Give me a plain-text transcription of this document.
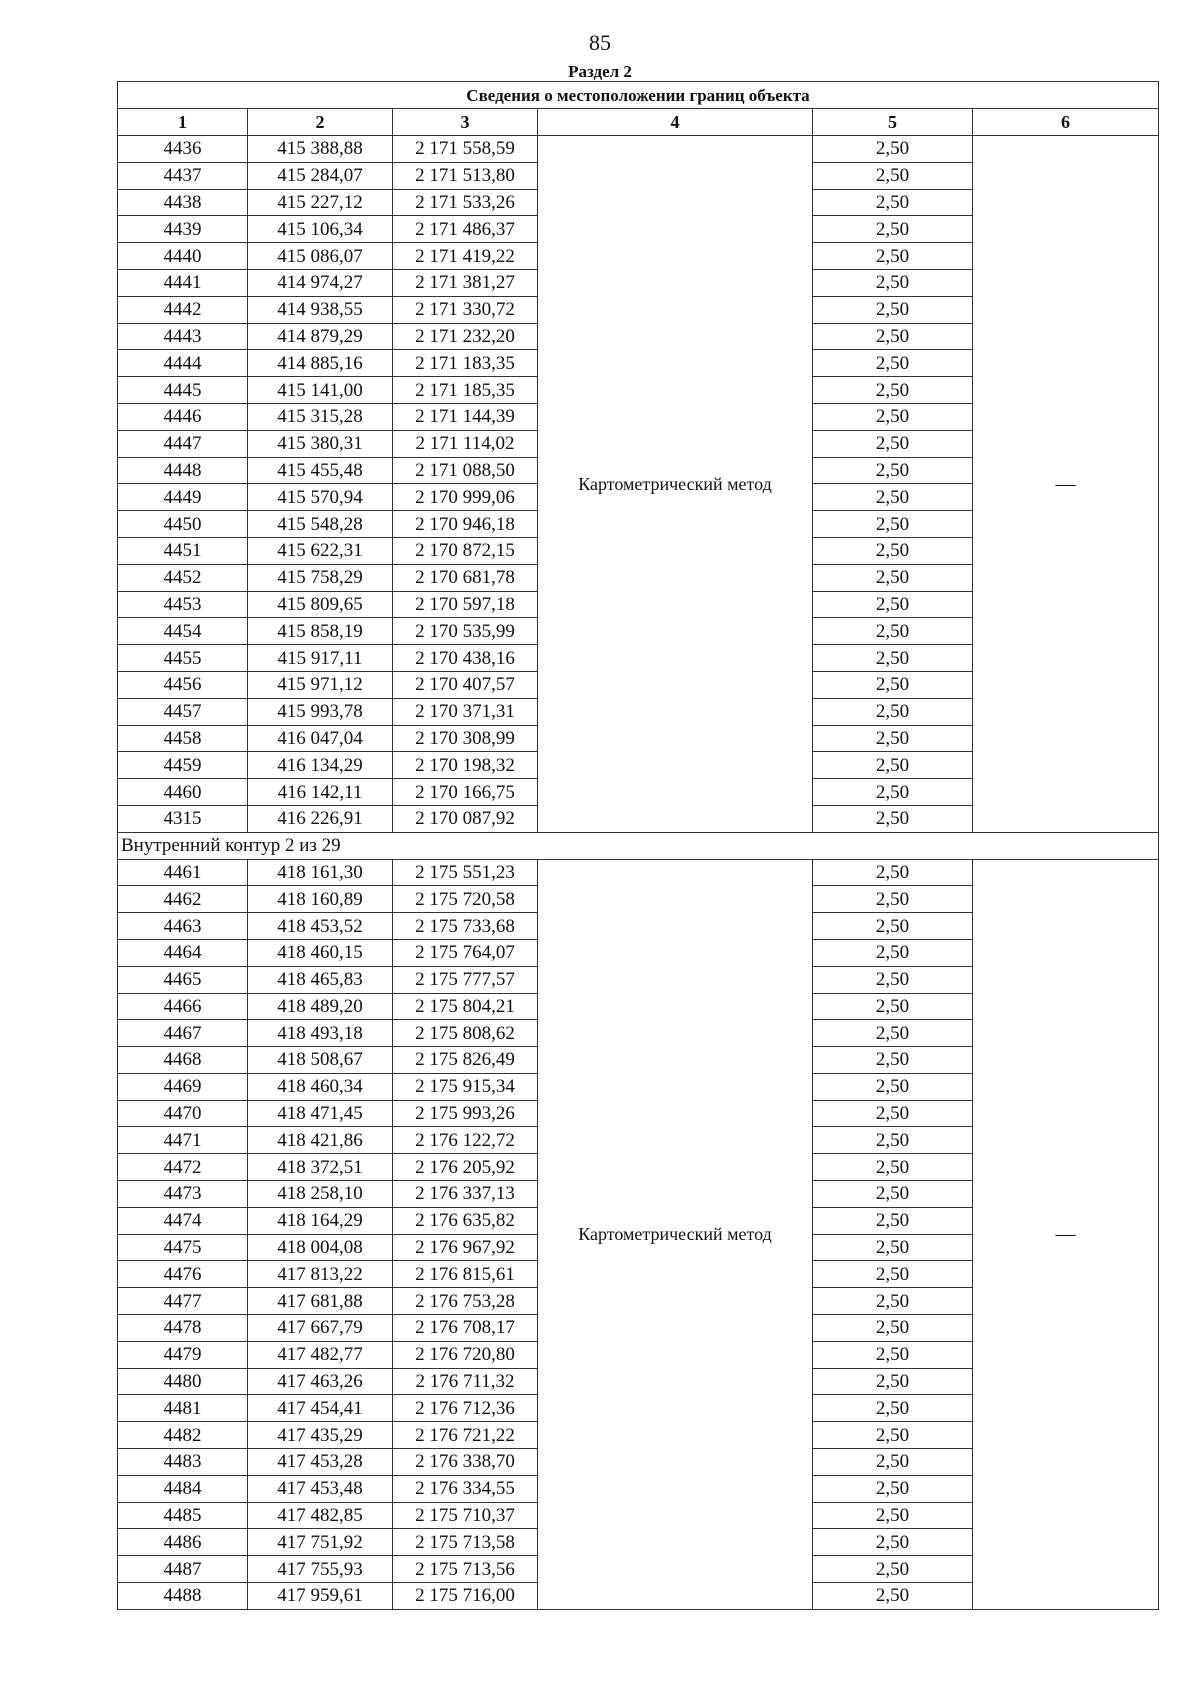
85
Раздел 2
Сведения о местоположении границ объекта					
1	2	3	4	5	6
4436	415 388,88	2 171 558,59	Картометрический метод	2,50	—
4437	415 284,07	2 171 513,80		2,50	
4438	415 227,12	2 171 533,26		2,50	
4439	415 106,34	2 171 486,37		2,50	
4440	415 086,07	2 171 419,22		2,50	
4441	414 974,27	2 171 381,27		2,50	
4442	414 938,55	2 171 330,72		2,50	
4443	414 879,29	2 171 232,20		2,50	
4444	414 885,16	2 171 183,35		2,50	
4445	415 141,00	2 171 185,35		2,50	
4446	415 315,28	2 171 144,39		2,50	
4447	415 380,31	2 171 114,02		2,50	
4448	415 455,48	2 171 088,50		2,50	
4449	415 570,94	2 170 999,06		2,50	
4450	415 548,28	2 170 946,18		2,50	
4451	415 622,31	2 170 872,15		2,50	
4452	415 758,29	2 170 681,78		2,50	
4453	415 809,65	2 170 597,18		2,50	
4454	415 858,19	2 170 535,99		2,50	
4455	415 917,11	2 170 438,16		2,50	
4456	415 971,12	2 170 407,57		2,50	
4457	415 993,78	2 170 371,31		2,50	
4458	416 047,04	2 170 308,99		2,50	
4459	416 134,29	2 170 198,32		2,50	
4460	416 142,11	2 170 166,75		2,50	
4315	416 226,91	2 170 087,92		2,50	
Внутренний контур 2 из 29					
4461	418 161,30	2 175 551,23	Картометрический метод	2,50	—
4462	418 160,89	2 175 720,58		2,50	
4463	418 453,52	2 175 733,68		2,50	
4464	418 460,15	2 175 764,07		2,50	
4465	418 465,83	2 175 777,57		2,50	
4466	418 489,20	2 175 804,21		2,50	
4467	418 493,18	2 175 808,62		2,50	
4468	418 508,67	2 175 826,49		2,50	
4469	418 460,34	2 175 915,34		2,50	
4470	418 471,45	2 175 993,26		2,50	
4471	418 421,86	2 176 122,72		2,50	
4472	418 372,51	2 176 205,92		2,50	
4473	418 258,10	2 176 337,13		2,50	
4474	418 164,29	2 176 635,82		2,50	
4475	418 004,08	2 176 967,92		2,50	
4476	417 813,22	2 176 815,61		2,50	
4477	417 681,88	2 176 753,28		2,50	
4478	417 667,79	2 176 708,17		2,50	
4479	417 482,77	2 176 720,80		2,50	
4480	417 463,26	2 176 711,32		2,50	
4481	417 454,41	2 176 712,36		2,50	
4482	417 435,29	2 176 721,22		2,50	
4483	417 453,28	2 176 338,70		2,50	
4484	417 453,48	2 176 334,55		2,50	
4485	417 482,85	2 175 710,37		2,50	
4486	417 751,92	2 175 713,58		2,50	
4487	417 755,93	2 175 713,56		2,50	
4488	417 959,61	2 175 716,00		2,50	
